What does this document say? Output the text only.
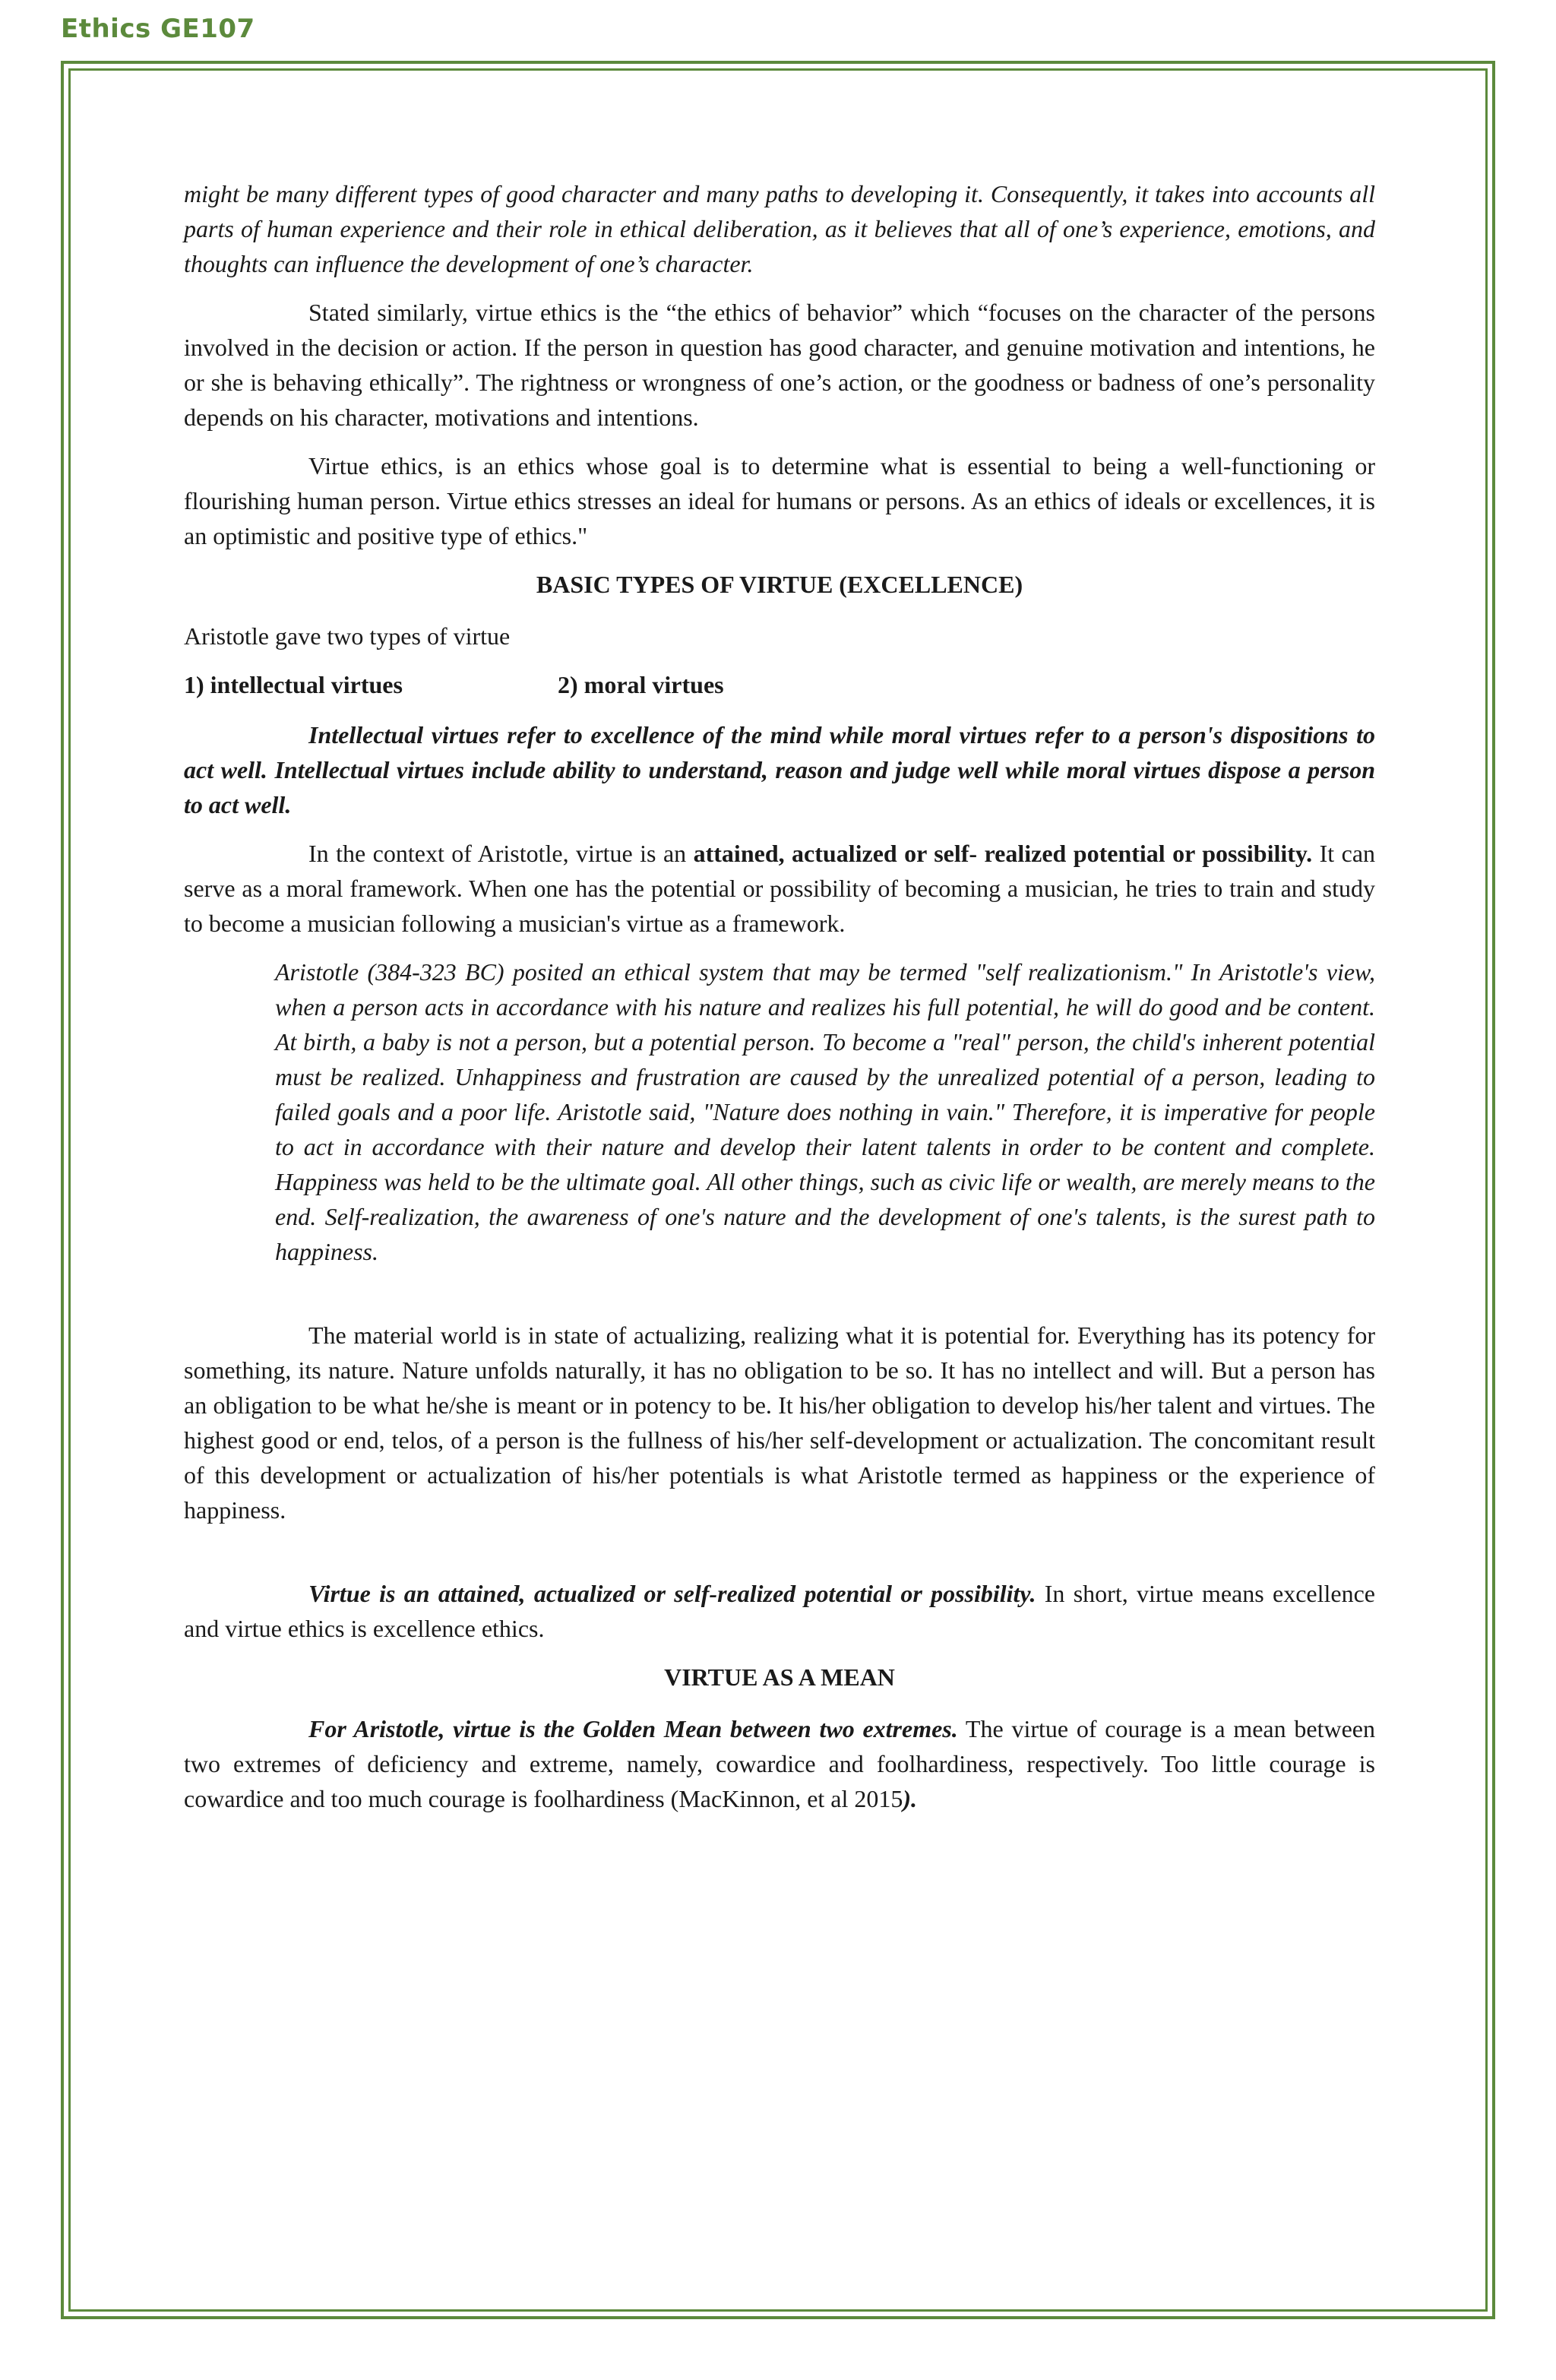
Ethics GE107

might be many different types of good character and many paths to developing it. Consequently, it takes into accounts all parts of human experience and their role in ethical deliberation, as it believes that all of one’s experience, emotions, and thoughts can influence the development of one’s character.

Stated similarly, virtue ethics is the “the ethics of behavior” which “focuses on the character of the persons involved in the decision or action. If the person in question has good character, and genuine motivation and intentions, he or she is behaving ethically”. The rightness or wrongness of one’s action, or the goodness or badness of one’s personality depends on his character, motivations and intentions.

Virtue ethics, is an ethics whose goal is to determine what is essential to being a well-functioning or flourishing human person. Virtue ethics stresses an ideal for humans or persons. As an ethics of ideals or excellences, it is an optimistic and positive type of ethics."

BASIC TYPES OF VIRTUE (EXCELLENCE)

Aristotle gave two types of virtue

1) intellectual virtues	2) moral virtues

Intellectual virtues refer to excellence of the mind while moral virtues refer to a person's dispositions to act well. Intellectual virtues include ability to understand, reason and judge well while moral virtues dispose a person to act well.

In the context of Aristotle, virtue is an attained, actualized or self- realized potential or possibility. It can serve as a moral framework. When one has the potential or possibility of becoming a musician, he tries to train and study to become a musician following a musician's virtue as a framework.

Aristotle (384-323 BC) posited an ethical system that may be termed "self realizationism." In Aristotle's view, when a person acts in accordance with his nature and realizes his full potential, he will do good and be content. At birth, a baby is not a person, but a potential person. To become a "real" person, the child's inherent potential must be realized. Unhappiness and frustration are caused by the unrealized potential of a person, leading to failed goals and a poor life. Aristotle said, "Nature does nothing in vain." Therefore, it is imperative for people to act in accordance with their nature and develop their latent talents in order to be content and complete. Happiness was held to be the ultimate goal. All other things, such as civic life or wealth, are merely means to the end. Self-realization, the awareness of one's nature and the development of one's talents, is the surest path to happiness.

The material world is in state of actualizing, realizing what it is potential for. Everything has its potency for something, its nature. Nature unfolds naturally, it has no obligation to be so. It has no intellect and will. But a person has an obligation to be what he/she is meant or in potency to be. It his/her obligation to develop his/her talent and virtues. The highest good or end, telos, of a person is the fullness of his/her self-development or actualization. The concomitant result of this development or actualization of his/her potentials is what Aristotle termed as happiness or the experience of happiness.

Virtue is an attained, actualized or self-realized potential or possibility. In short, virtue means excellence and virtue ethics is excellence ethics.

VIRTUE AS A MEAN

For Aristotle, virtue is the Golden Mean between two extremes. The virtue of courage is a mean between two extremes of deficiency and extreme, namely, cowardice and foolhardiness, respectively. Too little courage is cowardice and too much courage is foolhardiness (MacKinnon, et al 2015).
